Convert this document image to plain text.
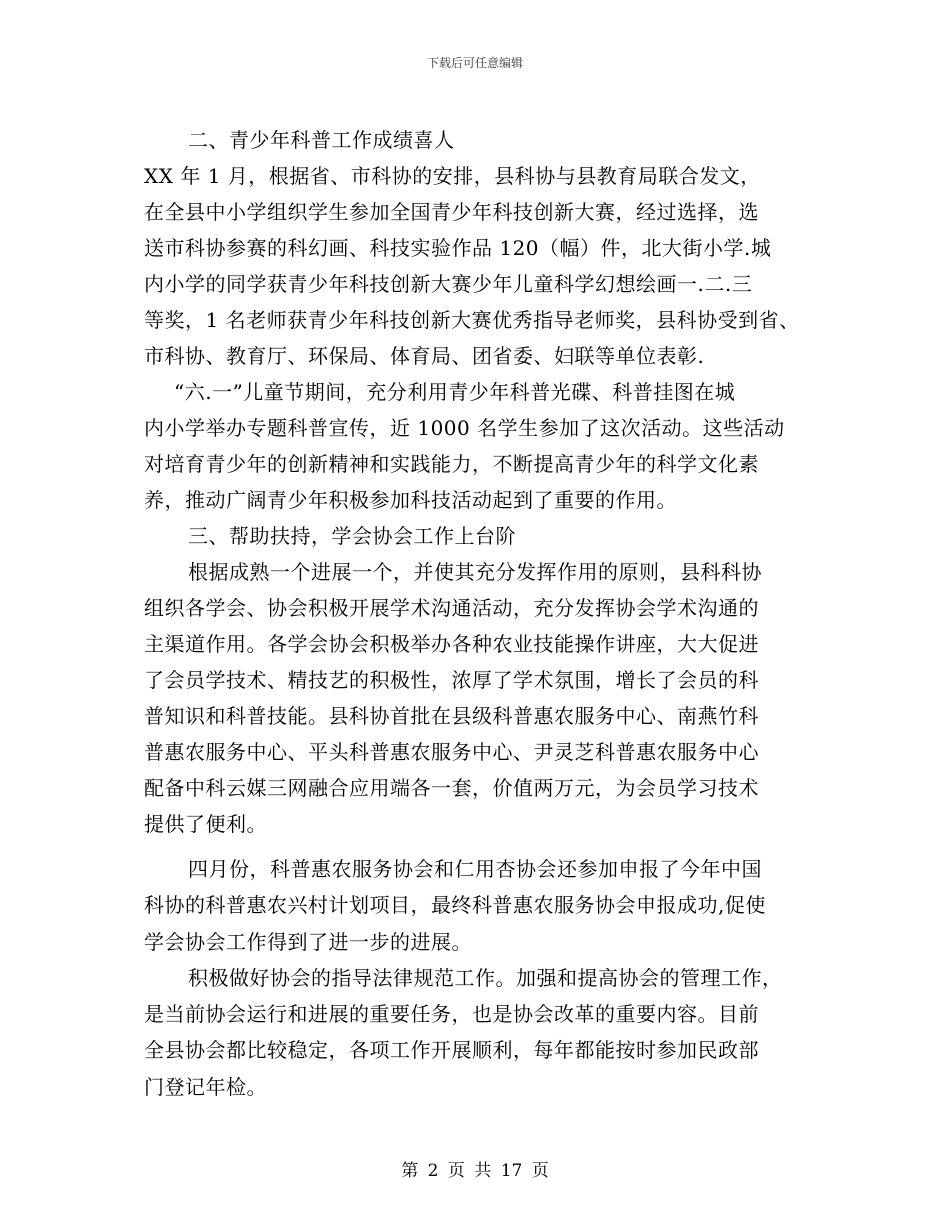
下载后可任意编辑
二、青少年科普工作成绩喜人
XX 年 1 月，根据省、市科协的安排，县科协与县教育局联合发文，
在全县中小学组织学生参加全国青少年科技创新大赛，经过选择，选
送市科协参赛的科幻画、科技实验作品 120（幅）件，北大街小学.城
内小学的同学获青少年科技创新大赛少年儿童科学幻想绘画一.二.三
等奖，1 名老师获青少年科技创新大赛优秀指导老师奖，县科协受到省、
市科协、教育厅、环保局、体育局、团省委、妇联等单位表彰.
“六.一”儿童节期间，充分利用青少年科普光碟、科普挂图在城
内小学举办专题科普宣传，近 1000 名学生参加了这次活动。这些活动
对培育青少年的创新精神和实践能力，不断提高青少年的科学文化素
养，推动广阔青少年积极参加科技活动起到了重要的作用。
三、帮助扶持，学会协会工作上台阶
根据成熟一个进展一个，并使其充分发挥作用的原则，县科科协
组织各学会、协会积极开展学术沟通活动，充分发挥协会学术沟通的
主渠道作用。各学会协会积极举办各种农业技能操作讲座，大大促进
了会员学技术、精技艺的积极性，浓厚了学术氛围，增长了会员的科
普知识和科普技能。县科协首批在县级科普惠农服务中心、南燕竹科
普惠农服务中心、平头科普惠农服务中心、尹灵芝科普惠农服务中心
配备中科云媒三网融合应用端各一套，价值两万元，为会员学习技术
提供了便利。
四月份，科普惠农服务协会和仁用杏协会还参加申报了今年中国
科协的科普惠农兴村计划项目，最终科普惠农服务协会申报成功,促使
学会协会工作得到了进一步的进展。
积极做好协会的指导法律规范工作。加强和提高协会的管理工作，
是当前协会运行和进展的重要任务，也是协会改革的重要内容。目前
全县协会都比较稳定，各项工作开展顺利，每年都能按时参加民政部
门登记年检。
第 2 页 共 17 页
